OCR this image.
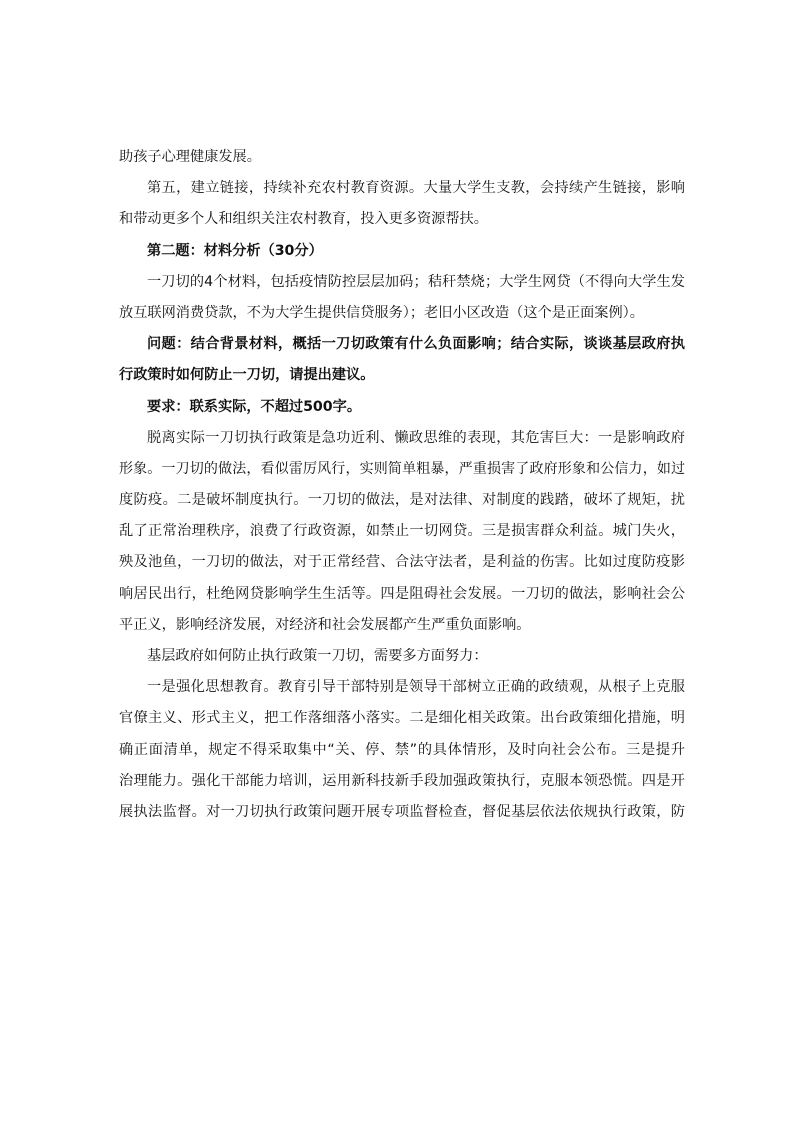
助孩子心理健康发展。
第五，建立链接，持续补充农村教育资源。大量大学生支教，会持续产生链接，影响
和带动更多个人和组织关注农村教育，投入更多资源帮扶。
第二题：材料分析（30分）
一刀切的4个材料，包括疫情防控层层加码；秸秆禁烧；大学生网贷（不得向大学生发
放互联网消费贷款，不为大学生提供信贷服务）；老旧小区改造（这个是正面案例）。
问题：结合背景材料，概括一刀切政策有什么负面影响；结合实际，谈谈基层政府执
行政策时如何防止一刀切，请提出建议。
要求：联系实际，不超过500字。
脱离实际一刀切执行政策是急功近利、懒政思维的表现，其危害巨大：一是影响政府
形象。一刀切的做法，看似雷厉风行，实则简单粗暴，严重损害了政府形象和公信力，如过
度防疫。二是破坏制度执行。一刀切的做法，是对法律、对制度的践踏，破坏了规矩，扰
乱了正常治理秩序，浪费了行政资源，如禁止一切网贷。三是损害群众利益。城门失火，
殃及池鱼，一刀切的做法，对于正常经营、合法守法者，是利益的伤害。比如过度防疫影
响居民出行，杜绝网贷影响学生生活等。四是阻碍社会发展。一刀切的做法，影响社会公
平正义，影响经济发展，对经济和社会发展都产生严重负面影响。
基层政府如何防止执行政策一刀切，需要多方面努力：
一是强化思想教育。教育引导干部特别是领导干部树立正确的政绩观，从根子上克服
官僚主义、形式主义，把工作落细落小落实。二是细化相关政策。出台政策细化措施，明
确正面清单，规定不得采取集中“关、停、禁”的具体情形，及时向社会公布。三是提升
治理能力。强化干部能力培训，运用新科技新手段加强政策执行，克服本领恐慌。四是开
展执法监督。对一刀切执行政策问题开展专项监督检查，督促基层依法依规执行政策，防
